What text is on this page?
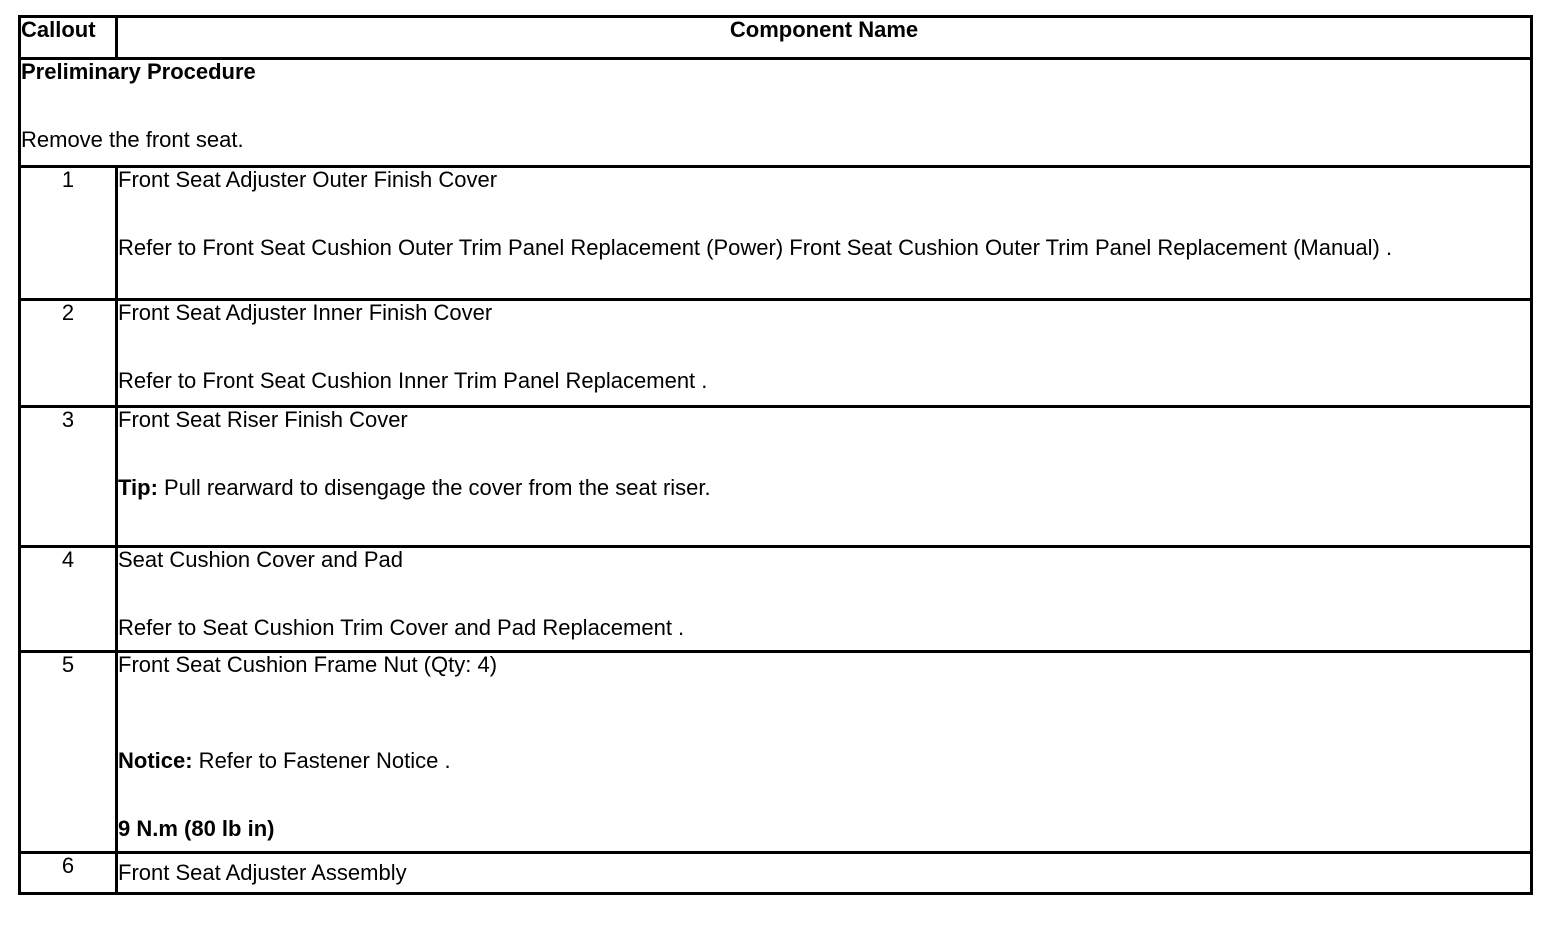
Callout	Component Name

Preliminary Procedure
Remove the front seat.	

1	Front Seat Adjuster Outer Finish Cover
Refer to Front Seat Cushion Outer Trim Panel Replacement (Power) Front Seat Cushion Outer Trim Panel Replacement (Manual) .

2	Front Seat Adjuster Inner Finish Cover
Refer to Front Seat Cushion Inner Trim Panel Replacement .

3	Front Seat Riser Finish Cover
Tip: Pull rearward to disengage the cover from the seat riser.

4	Seat Cushion Cover and Pad
Refer to Seat Cushion Trim Cover and Pad Replacement .

5	Front Seat Cushion Frame Nut (Qty: 4)
Notice: Refer to Fastener Notice .
9 N.m (80 lb in)

6	Front Seat Adjuster Assembly
